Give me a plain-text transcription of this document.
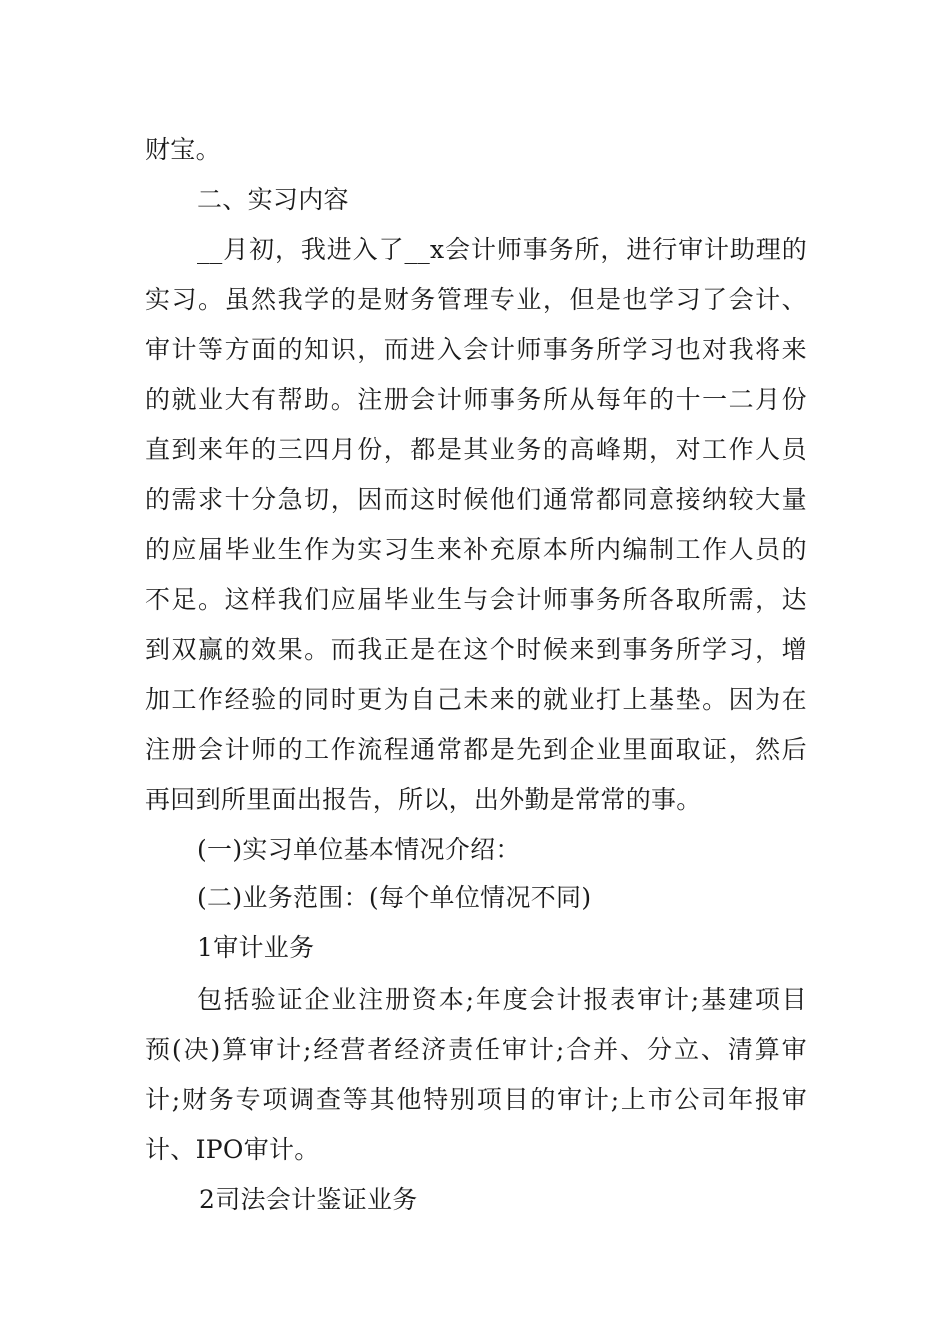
财宝。
二、实习内容
__月初，我进入了__x会计师事务所，进行审计助理的
实习。虽然我学的是财务管理专业，但是也学习了会计、
审计等方面的知识，而进入会计师事务所学习也对我将来
的就业大有帮助。注册会计师事务所从每年的十一二月份
直到来年的三四月份，都是其业务的高峰期，对工作人员
的需求十分急切，因而这时候他们通常都同意接纳较大量
的应届毕业生作为实习生来补充原本所内编制工作人员的
不足。这样我们应届毕业生与会计师事务所各取所需，达
到双赢的效果。而我正是在这个时候来到事务所学习，增
加工作经验的同时更为自己未来的就业打上基垫。因为在
注册会计师的工作流程通常都是先到企业里面取证，然后
再回到所里面出报告，所以，出外勤是常常的事。
(一)实习单位基本情况介绍：
(二)业务范围：(每个单位情况不同)
1审计业务
包括验证企业注册资本;年度会计报表审计;基建项目
预(决)算审计;经营者经济责任审计;合并、分立、清算审
计;财务专项调查等其他特别项目的审计;上市公司年报审
计、IPO审计。
2司法会计鉴证业务
